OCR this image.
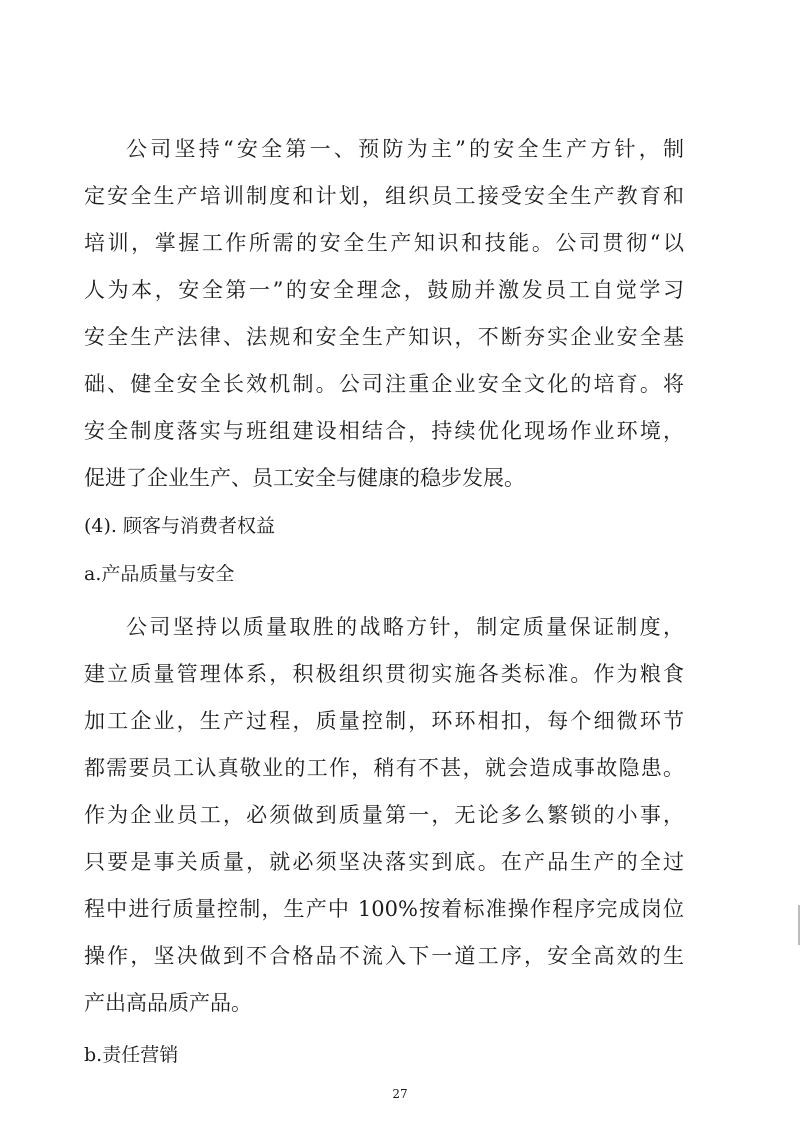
公司坚持“安全第一、预防为主”的安全生产方针，制

定安全生产培训制度和计划，组织员工接受安全生产教育和

培训，掌握工作所需的安全生产知识和技能。公司贯彻“以

人为本，安全第一”的安全理念，鼓励并激发员工自觉学习

安全生产法律、法规和安全生产知识，不断夯实企业安全基

础、健全安全长效机制。公司注重企业安全文化的培育。将

安全制度落实与班组建设相结合，持续优化现场作业环境，

促进了企业生产、员工安全与健康的稳步发展。

(4). 顾客与消费者权益

a.产品质量与安全

公司坚持以质量取胜的战略方针，制定质量保证制度，

建立质量管理体系，积极组织贯彻实施各类标准。作为粮食

加工企业，生产过程，质量控制，环环相扣，每个细微环节

都需要员工认真敬业的工作，稍有不甚，就会造成事故隐患。

作为企业员工，必须做到质量第一，无论多么繁锁的小事，

只要是事关质量，就必须坚决落实到底。在产品生产的全过

程中进行质量控制，生产中 100%按着标准操作程序完成岗位

操作，坚决做到不合格品不流入下一道工序，安全高效的生

产出高品质产品。

b.责任营销

27
